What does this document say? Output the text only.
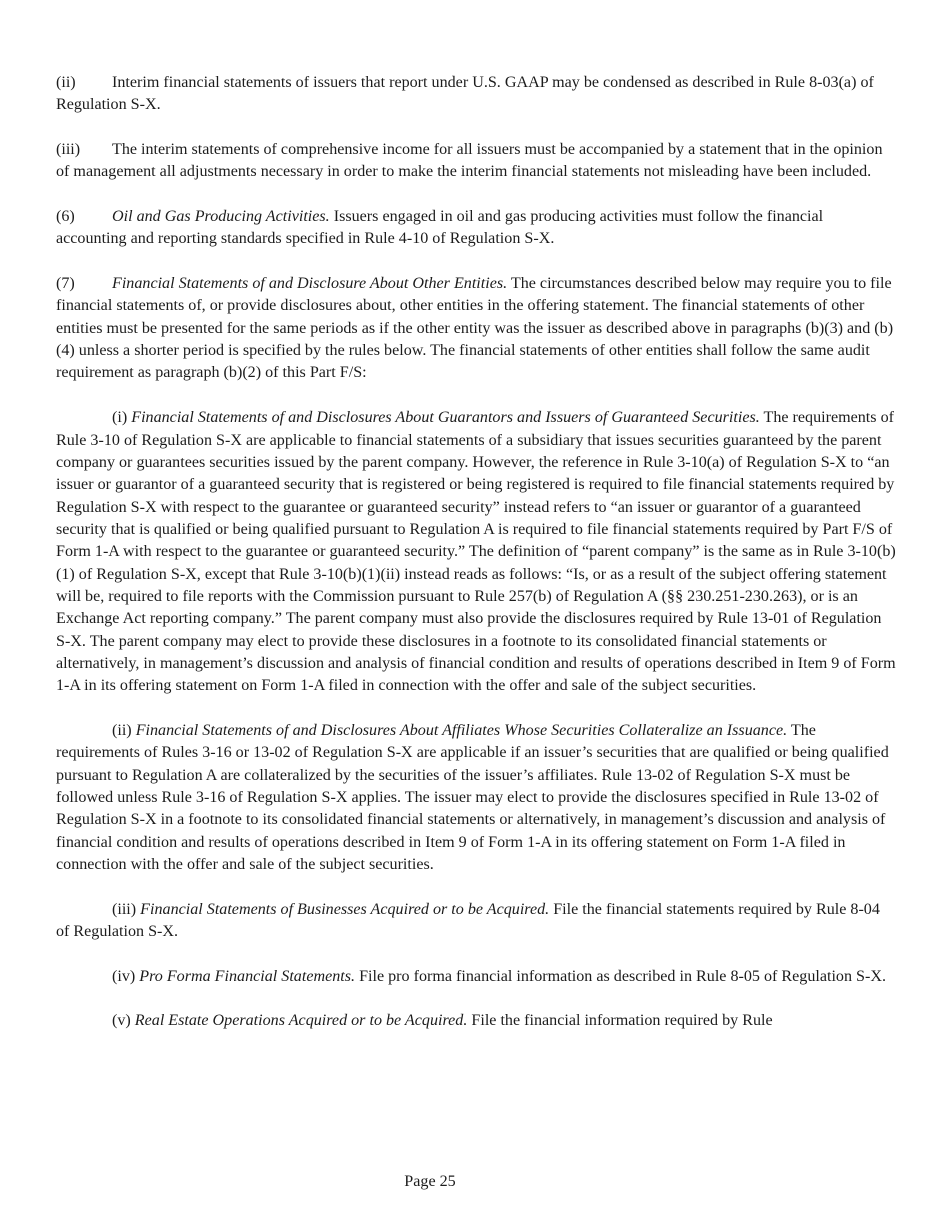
(ii) Interim financial statements of issuers that report under U.S. GAAP may be condensed as described in Rule 8-03(a) of Regulation S-X.

(iii) The interim statements of comprehensive income for all issuers must be accompanied by a statement that in the opinion of management all adjustments necessary in order to make the interim financial statements not misleading have been included.

(6) Oil and Gas Producing Activities. Issuers engaged in oil and gas producing activities must follow the financial accounting and reporting standards specified in Rule 4-10 of Regulation S-X.

(7) Financial Statements of and Disclosure About Other Entities. The circumstances described below may require you to file financial statements of, or provide disclosures about, other entities in the offering statement. The financial statements of other entities must be presented for the same periods as if the other entity was the issuer as described above in paragraphs (b)(3) and (b)(4) unless a shorter period is specified by the rules below. The financial statements of other entities shall follow the same audit requirement as paragraph (b)(2) of this Part F/S:

(i) Financial Statements of and Disclosures About Guarantors and Issuers of Guaranteed Securities. The requirements of Rule 3-10 of Regulation S-X are applicable to financial statements of a subsidiary that issues securities guaranteed by the parent company or guarantees securities issued by the parent company. However, the reference in Rule 3-10(a) of Regulation S-X to “an issuer or guarantor of a guaranteed security that is registered or being registered is required to file financial statements required by Regulation S-X with respect to the guarantee or guaranteed security” instead refers to “an issuer or guarantor of a guaranteed security that is qualified or being qualified pursuant to Regulation A is required to file financial statements required by Part F/S of Form 1-A with respect to the guarantee or guaranteed security.” The definition of “parent company” is the same as in Rule 3-10(b)(1) of Regulation S-X, except that Rule 3-10(b)(1)(ii) instead reads as follows: “Is, or as a result of the subject offering statement will be, required to file reports with the Commission pursuant to Rule 257(b) of Regulation A (§§ 230.251-230.263), or is an Exchange Act reporting company.” The parent company must also provide the disclosures required by Rule 13-01 of Regulation S-X. The parent company may elect to provide these disclosures in a footnote to its consolidated financial statements or alternatively, in management’s discussion and analysis of financial condition and results of operations described in Item 9 of Form 1-A in its offering statement on Form 1-A filed in connection with the offer and sale of the subject securities.

(ii) Financial Statements of and Disclosures About Affiliates Whose Securities Collateralize an Issuance. The requirements of Rules 3-16 or 13-02 of Regulation S-X are applicable if an issuer’s securities that are qualified or being qualified pursuant to Regulation A are collateralized by the securities of the issuer’s affiliates. Rule 13-02 of Regulation S-X must be followed unless Rule 3-16 of Regulation S-X applies. The issuer may elect to provide the disclosures specified in Rule 13-02 of Regulation S-X in a footnote to its consolidated financial statements or alternatively, in management’s discussion and analysis of financial condition and results of operations described in Item 9 of Form 1-A in its offering statement on Form 1-A filed in connection with the offer and sale of the subject securities.

(iii) Financial Statements of Businesses Acquired or to be Acquired. File the financial statements required by Rule 8-04 of Regulation S-X.

(iv) Pro Forma Financial Statements. File pro forma financial information as described in Rule 8-05 of Regulation S-X.

(v) Real Estate Operations Acquired or to be Acquired. File the financial information required by Rule

Page 25
